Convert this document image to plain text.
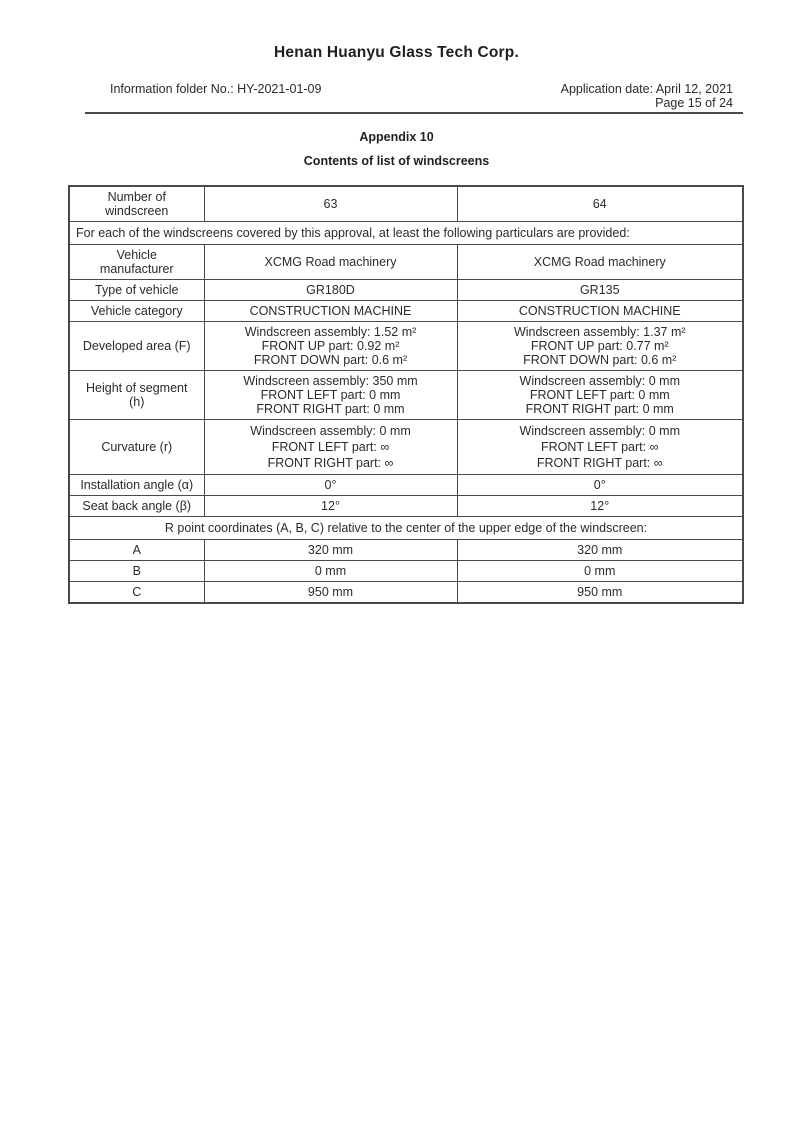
Henan Huanyu Glass Tech Corp.
Information folder No.: HY-2021-01-09	Application date: April 12, 2021
Page 15 of 24
Appendix 10
Contents of list of windscreens
Number of windscreen	63	64
For each of the windscreens covered by this approval, at least the following particulars are provided:		
Vehicle manufacturer	XCMG Road machinery	XCMG Road machinery
Type of vehicle	GR180D	GR135
Vehicle category	CONSTRUCTION MACHINE	CONSTRUCTION MACHINE
Developed area (F)	Windscreen assembly: 1.52 m²
FRONT UP part: 0.92 m²
FRONT DOWN part: 0.6 m²	Windscreen assembly: 1.37 m²
FRONT UP part: 0.77 m²
FRONT DOWN part: 0.6 m²

Height of segment (h)	Windscreen assembly: 350 mm
FRONT LEFT part: 0 mm
FRONT RIGHT part: 0 mm	Windscreen assembly: 0 mm
FRONT LEFT part: 0 mm
FRONT RIGHT part: 0 mm

Curvature (r)	Windscreen assembly: 0 mm
FRONT LEFT part: ∞
FRONT RIGHT part: ∞	Windscreen assembly: 0 mm
FRONT LEFT part: ∞
FRONT RIGHT part: ∞

Installation angle (α)	0°	0°
Seat back angle (β)	12°	12°
R point coordinates (A, B, C) relative to the center of the upper edge of the windscreen:		
A	320 mm	320 mm
B	0 mm	0 mm
C	950 mm	950 mm
